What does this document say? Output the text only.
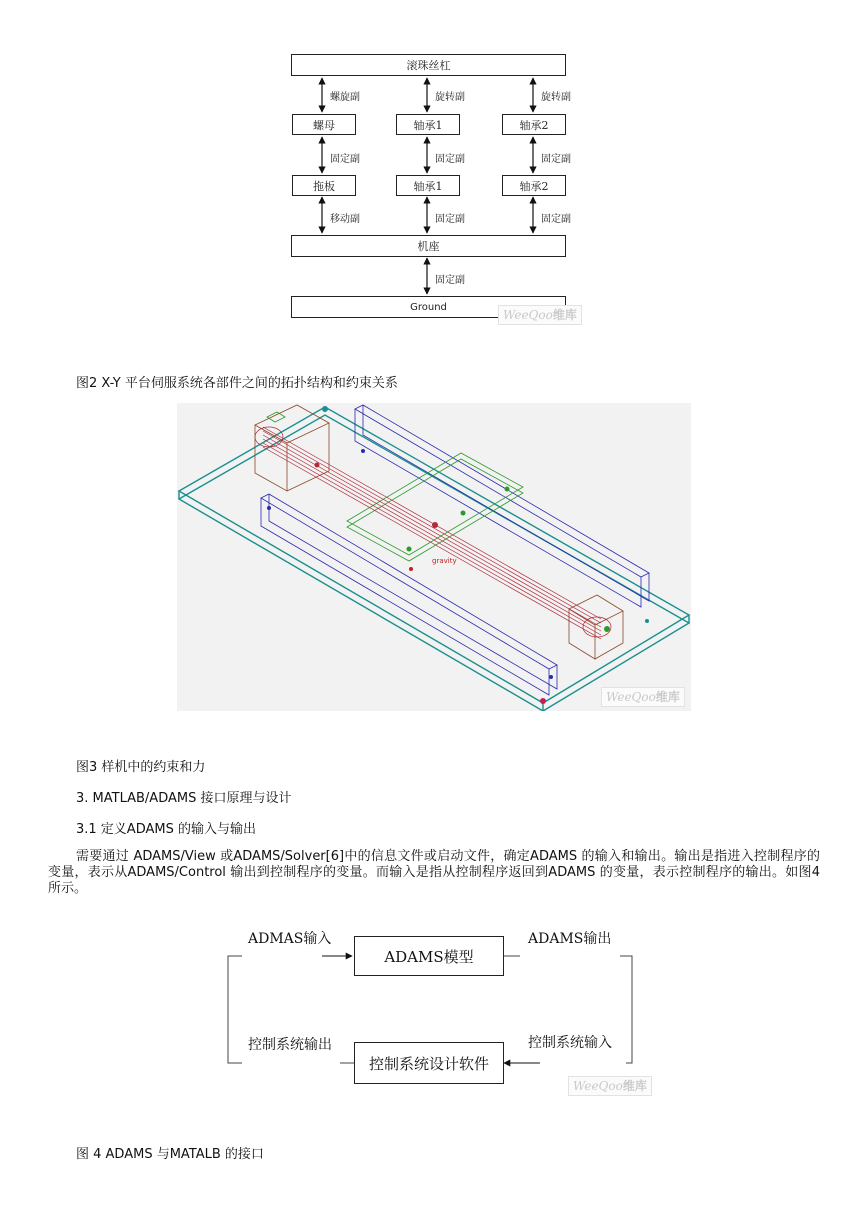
滚珠丝杠
螺母	轴承1	轴承2
拖板	轴承1	轴承2
机座
Ground
螺旋副	旋转副	旋转副
固定副	固定副	固定副
移动副	固定副	固定副
固定副
WeeQoo维库
图2 X-Y 平台伺服系统各部件之间的拓扑结构和约束关系
gravity
WeeQoo维库
图3 样机中的约束和力
3. MATLAB/ADAMS 接口原理与设计
3.1 定义ADAMS 的输入与输出
需要通过 ADAMS/View 或ADAMS/Solver[6]中的信息文件或启动文件，确定ADAMS 的输入和输出。输出是指进入控制程序的变量，表示从ADAMS/Control 输出到控制程序的变量。而输入是指从控制程序返回到ADAMS 的变量，表示控制程序的输出。如图4 所示。
ADMAS输入
ADAMS模型
ADAMS输出
控制系统输出
控制系统设计软件
控制系统输入
WeeQoo维库
图 4 ADAMS 与MATALB 的接口
